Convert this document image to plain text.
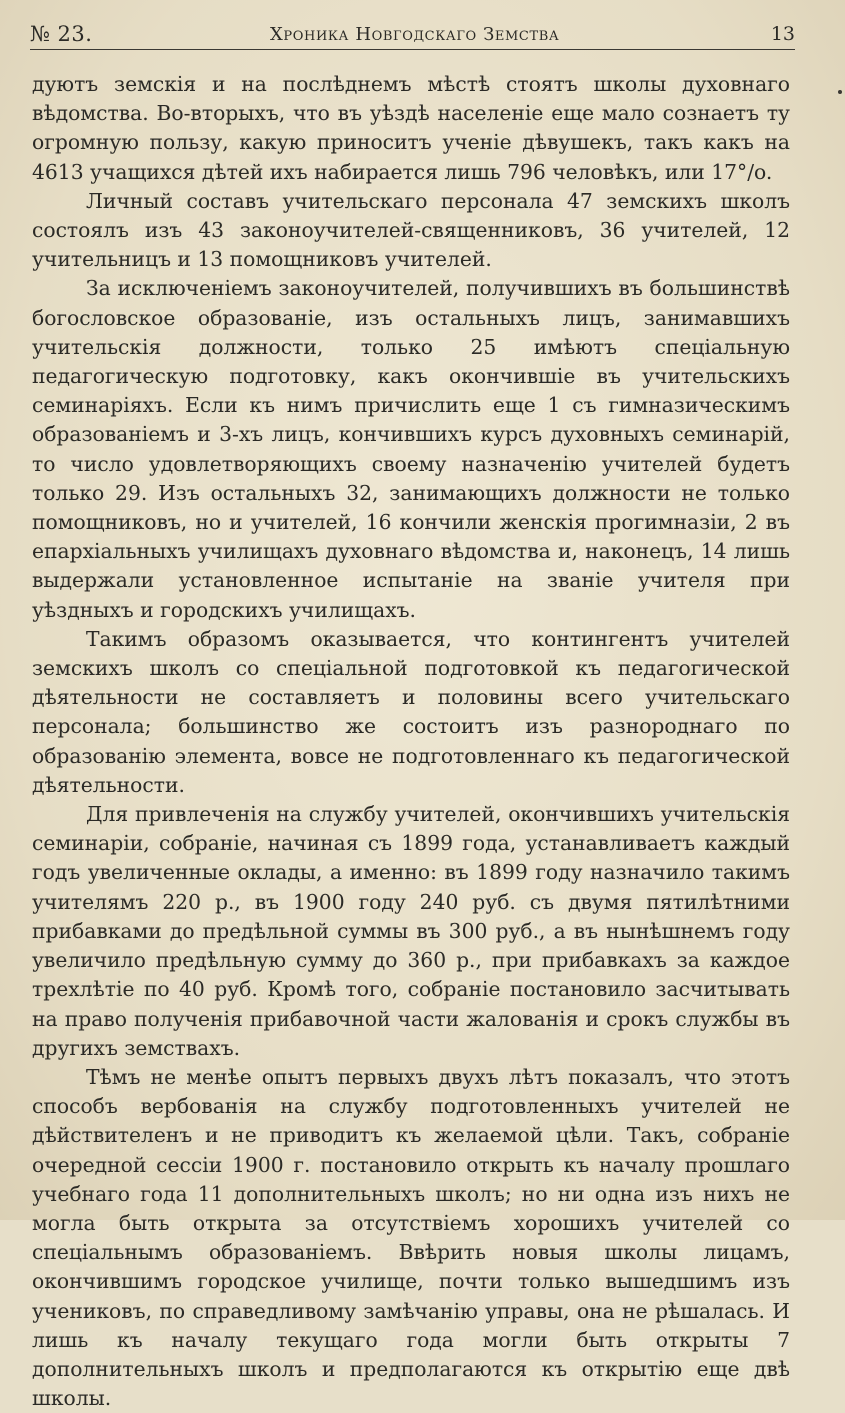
№ 23.	Хроника Новгодскаго Земства	13

дуютъ земскія и на послѣднемъ мѣстѣ стоятъ школы духовнаго вѣдомства. Во-вторыхъ, что въ уѣздѣ населеніе еще мало сознаетъ ту огромную пользу, какую приноситъ ученіе дѣвушекъ, такъ какъ на 4613 учащихся дѣтей ихъ набирается лишь 796 человѣкъ, или 17°/o.

Личный составъ учительскаго персонала 47 земскихъ школъ состоялъ изъ 43 законоучителей-священниковъ, 36 учителей, 12 учительницъ и 13 помощниковъ учителей.

За исключеніемъ законоучителей, получившихъ въ большинствѣ богословское образованіе, изъ остальныхъ лицъ, занимавшихъ учительскія должности, только 25 имѣютъ спеціальную педагогическую подготовку, какъ окончившіе въ учительскихъ семинаріяхъ. Если къ нимъ причислить еще 1 съ гимназическимъ образованіемъ и 3-хъ лицъ, кончившихъ курсъ духовныхъ семинарій, то число удовлетворяющихъ своему назначенію учителей будетъ только 29. Изъ остальныхъ 32, занимающихъ должности не только помощниковъ, но и учителей, 16 кончили женскія прогимназіи, 2 въ епархіальныхъ училищахъ духовнаго вѣдомства и, наконецъ, 14 лишь выдержали установленное испытаніе на званіе учителя при уѣздныхъ и городскихъ училищахъ.

Такимъ образомъ оказывается, что контингентъ учителей земскихъ школъ со спеціальной подготовкой къ педагогической дѣятельности не составляетъ и половины всего учительскаго персонала; большинство же состоитъ изъ разнороднаго по образованію элемента, вовсе не подготовленнаго къ педагогической дѣятельности.

Для привлеченія на службу учителей, окончившихъ учительскія семинаріи, собраніе, начиная съ 1899 года, устанавливаетъ каждый годъ увеличенные оклады, а именно: въ 1899 году назначило такимъ учителямъ 220 р., въ 1900 году 240 руб. съ двумя пятилѣтними прибавками до предѣльной суммы въ 300 руб., а въ нынѣшнемъ году увеличило предѣльную сумму до 360 р., при прибавкахъ за каждое трехлѣтіе по 40 руб. Кромѣ того, собраніе постановило засчитывать на право полученія прибавочной части жалованія и срокъ службы въ другихъ земствахъ.

Тѣмъ не менѣе опытъ первыхъ двухъ лѣтъ показалъ, что этотъ способъ вербованія на службу подготовленныхъ учителей не дѣйствителенъ и не приводитъ къ желаемой цѣли. Такъ, собраніе очередной сессіи 1900 г. постановило открыть къ началу прошлаго учебнаго года 11 дополнительныхъ школъ; но ни одна изъ нихъ не могла быть открыта за отсутствіемъ хорошихъ учителей со спеціальнымъ образованіемъ. Ввѣрить новыя школы лицамъ, окончившимъ городское училище, почти только вышедшимъ изъ учениковъ, по справедливому замѣчанію управы, она не рѣшалась. И лишь къ началу текущаго года могли быть открыты 7 дополнительныхъ школъ и предполагаются къ открытію еще двѣ школы.
